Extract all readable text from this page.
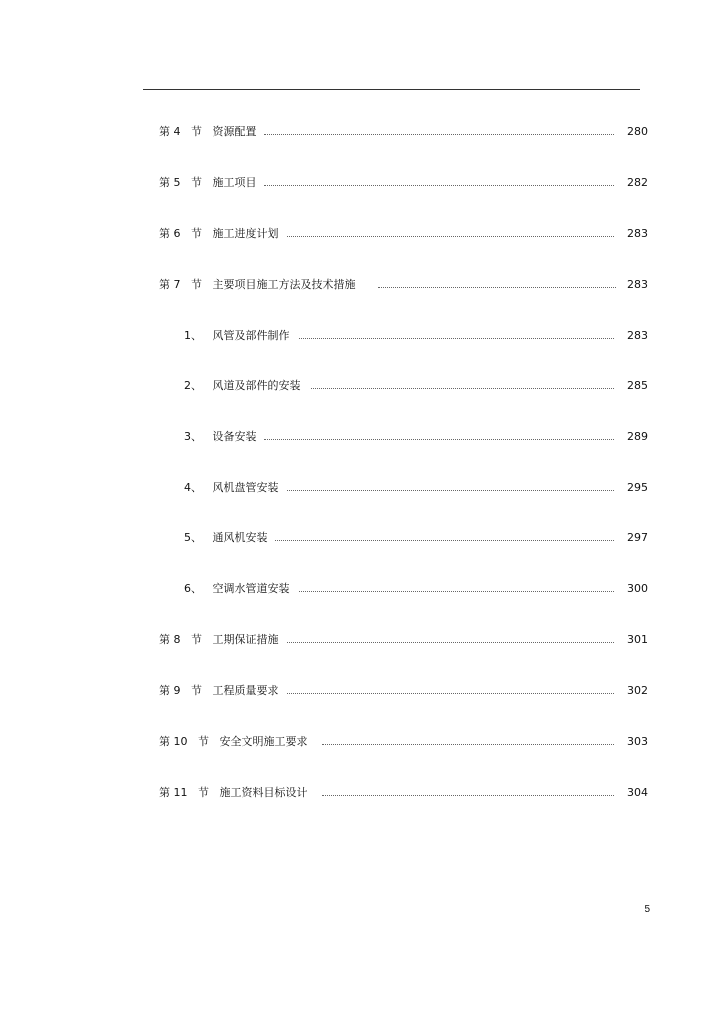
第 4   节   资源配置	280
第 5   节   施工项目	282
第 6   节   施工进度计划	283
第 7   节   主要项目施工方法及技术措施	283
1、   风管及部件制作	283
2、   风道及部件的安装	285
3、   设备安装	289
4、   风机盘管安装	295
5、   通风机安装	297
6、   空调水管道安装	300
第 8   节   工期保证措施	301
第 9   节   工程质量要求	302
第 10   节   安全文明施工要求	303
第 11   节   施工资料目标设计	304
5
